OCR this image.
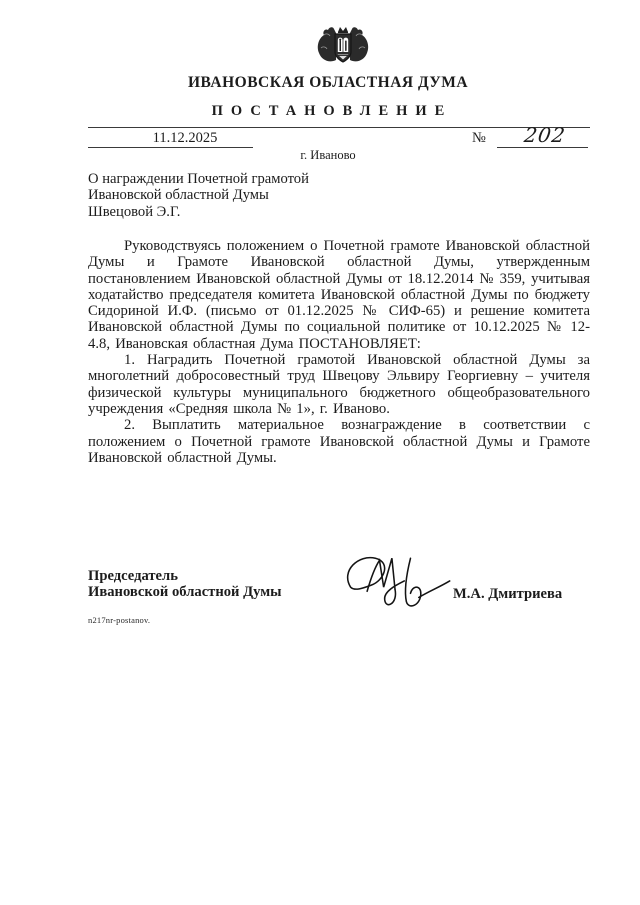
ИВАНОВСКАЯ ОБЛАСТНАЯ ДУМА
ПОСТАНОВЛЕНИЕ
11.12.2025	№	202
г. Иваново
О награждении Почетной грамотой
Ивановской областной Думы
Швецовой Э.Г.

Руководствуясь положением о Почетной грамоте Ивановской областной Думы и Грамоте Ивановской областной Думы, утвержденным постановлением Ивановской областной Думы от 18.12.2014 № 359, учитывая ходатайство председателя комитета Ивановской областной Думы по бюджету Сидориной И.Ф. (письмо от 01.12.2025 № СИФ-65) и решение комитета Ивановской областной Думы по социальной политике от 10.12.2025 № 12-4.8, Ивановская областная Дума ПОСТАНОВЛЯЕТ:

1. Наградить Почетной грамотой Ивановской областной Думы за многолетний добросовестный труд Швецову Эльвиру Георгиевну – учителя физической культуры муниципального бюджетного общеобразовательного учреждения «Средняя школа № 1», г. Иваново.

2. Выплатить материальное вознаграждение в соответствии с положением о Почетной грамоте Ивановской областной Думы и Грамоте Ивановской областной Думы.

Председатель
Ивановской областной Думы	М.А. Дмитриева
n217nr-postanov.
